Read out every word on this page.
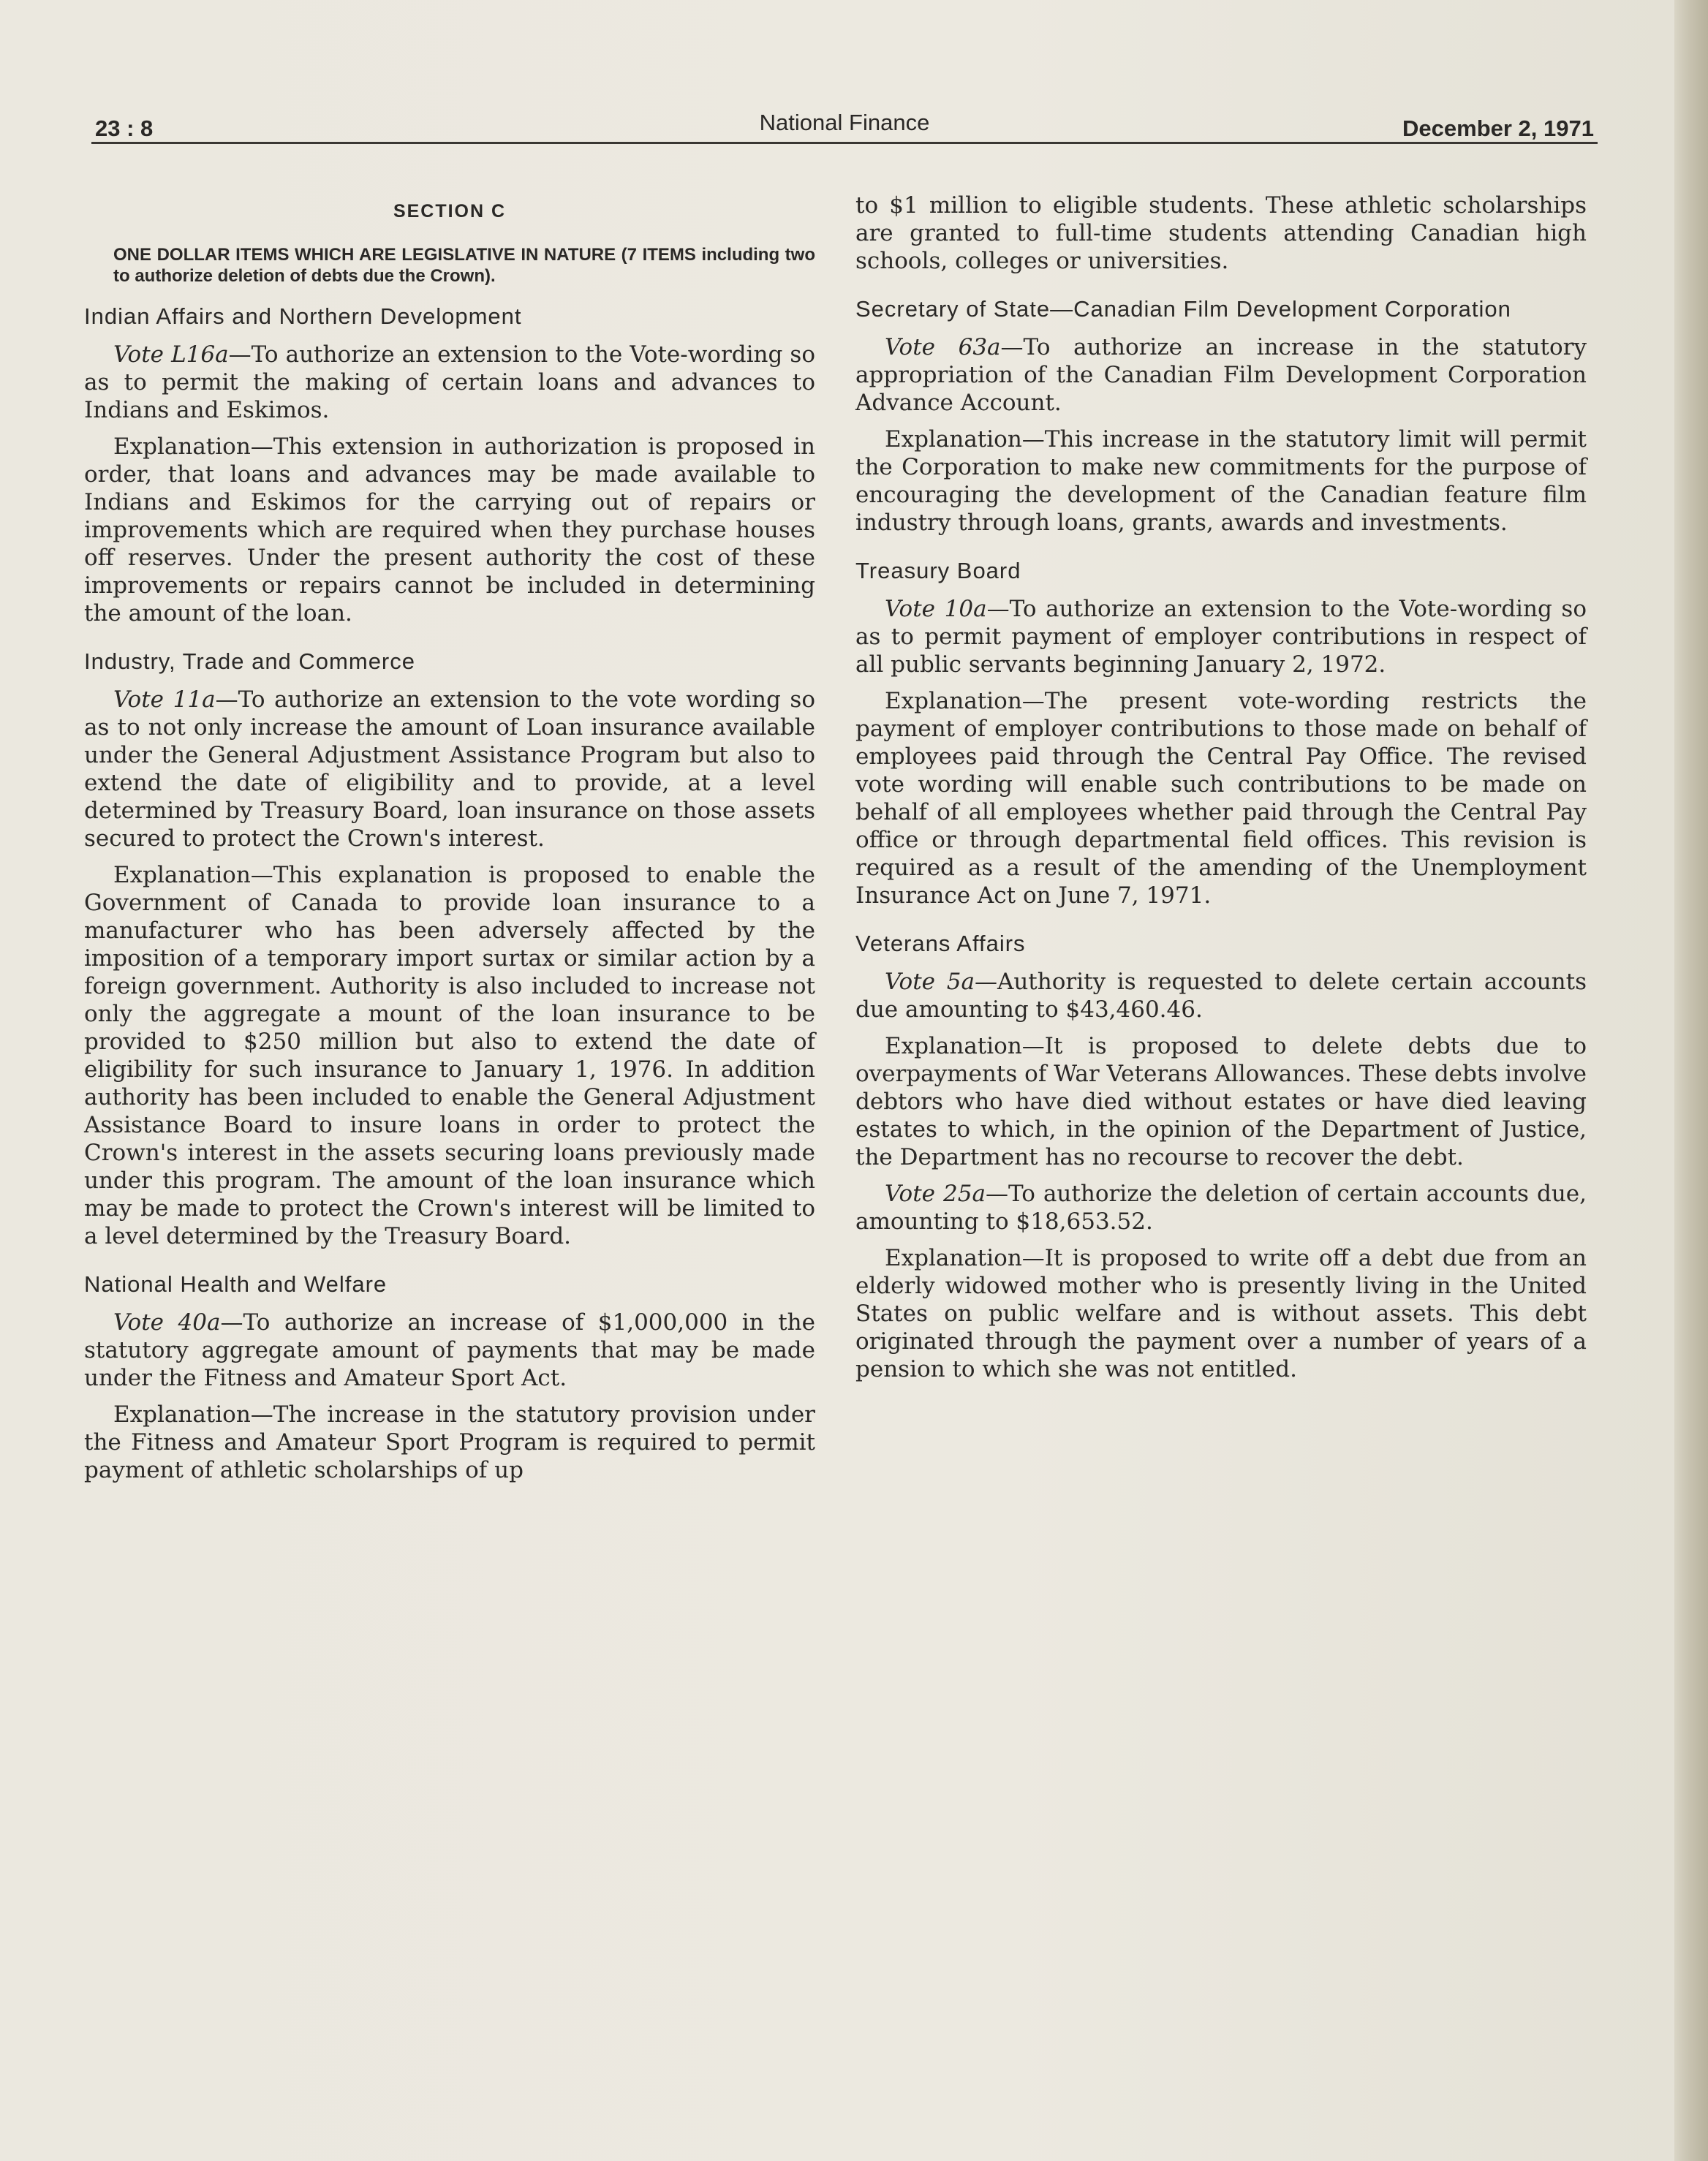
23 : 8	National Finance	December 2, 1971
SECTION C
ONE DOLLAR ITEMS WHICH ARE LEGISLATIVE IN NATURE (7 ITEMS including two to authorize deletion of debts due the Crown).
Indian Affairs and Northern Development

Vote L16a—To authorize an extension to the Vote-wording so as to permit the making of certain loans and advances to Indians and Eskimos.

Explanation—This extension in authorization is proposed in order, that loans and advances may be made available to Indians and Eskimos for the carrying out of repairs or improvements which are required when they purchase houses off reserves. Under the present authority the cost of these improvements or repairs cannot be included in determining the amount of the loan.

Industry, Trade and Commerce

Vote 11a—To authorize an extension to the vote wording so as to not only increase the amount of Loan insurance available under the General Adjustment Assistance Program but also to extend the date of eligibility and to provide, at a level determined by Treasury Board, loan insurance on those assets secured to protect the Crown's interest.

Explanation—This explanation is proposed to enable the Government of Canada to provide loan insurance to a manufacturer who has been adversely affected by the imposition of a temporary import surtax or similar action by a foreign government. Authority is also included to increase not only the aggregate a mount of the loan insurance to be provided to $250 million but also to extend the date of eligibility for such insurance to January 1, 1976. In addition authority has been included to enable the General Adjustment Assistance Board to insure loans in order to protect the Crown's interest in the assets securing loans previously made under this program. The amount of the loan insurance which may be made to protect the Crown's interest will be limited to a level determined by the Treasury Board.

National Health and Welfare

Vote 40a—To authorize an increase of $1,000,000 in the statutory aggregate amount of payments that may be made under the Fitness and Amateur Sport Act.

Explanation—The increase in the statutory provision under the Fitness and Amateur Sport Program is required to permit payment of athletic scholarships of up

to $1 million to eligible students. These athletic scholarships are granted to full-time students attending Canadian high schools, colleges or universities.

Secretary of State—Canadian Film Development Corporation

Vote 63a—To authorize an increase in the statutory appropriation of the Canadian Film Development Corporation Advance Account.

Explanation—This increase in the statutory limit will permit the Corporation to make new commitments for the purpose of encouraging the development of the Canadian feature film industry through loans, grants, awards and investments.

Treasury Board

Vote 10a—To authorize an extension to the Vote-wording so as to permit payment of employer contributions in respect of all public servants beginning January 2, 1972.

Explanation—The present vote-wording restricts the payment of employer contributions to those made on behalf of employees paid through the Central Pay Office. The revised vote wording will enable such contributions to be made on behalf of all employees whether paid through the Central Pay office or through departmental field offices. This revision is required as a result of the amending of the Unemployment Insurance Act on June 7, 1971.

Veterans Affairs

Vote 5a—Authority is requested to delete certain accounts due amounting to $43,460.46.

Explanation—It is proposed to delete debts due to overpayments of War Veterans Allowances. These debts involve debtors who have died without estates or have died leaving estates to which, in the opinion of the Department of Justice, the Department has no recourse to recover the debt.

Vote 25a—To authorize the deletion of certain accounts due, amounting to $18,653.52.

Explanation—It is proposed to write off a debt due from an elderly widowed mother who is presently living in the United States on public welfare and is without assets. This debt originated through the payment over a number of years of a pension to which she was not entitled.
